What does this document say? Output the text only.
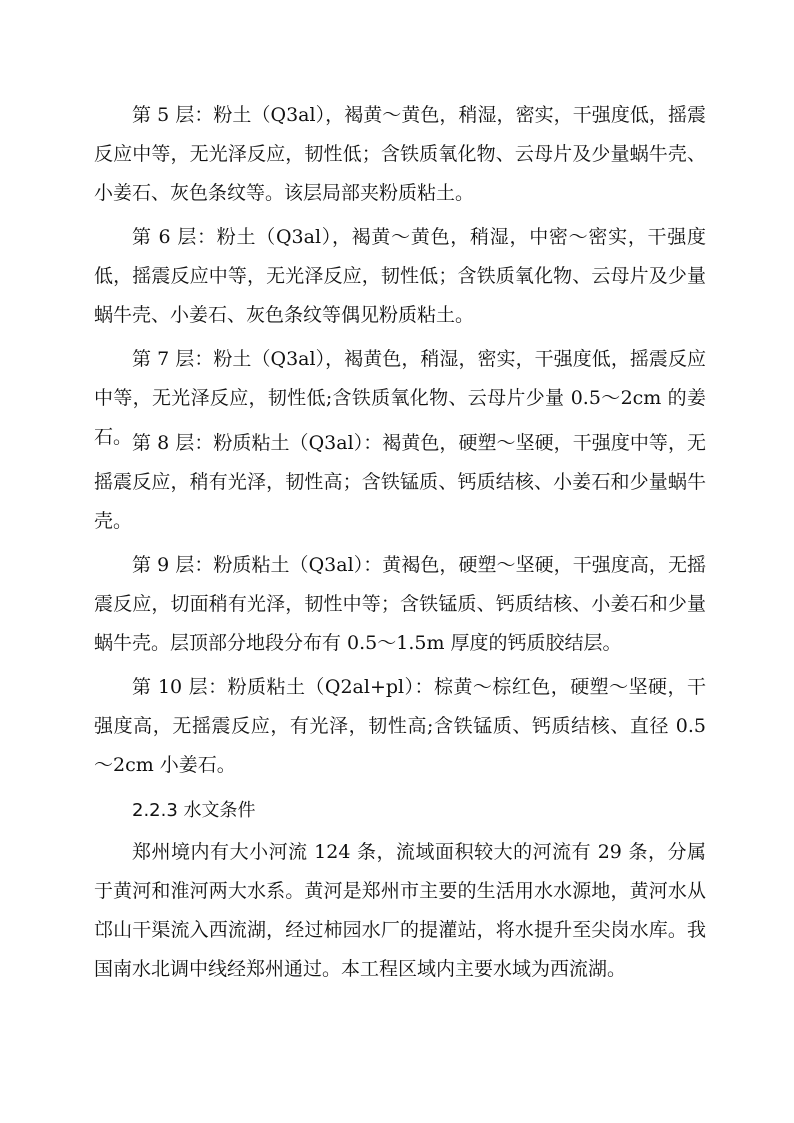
第 5 层：粉土（Q3al），褐黄～黄色，稍湿，密实，干强度低，摇震反应中等，无光泽反应，韧性低；含铁质氧化物、云母片及少量蜗牛壳、小姜石、灰色条纹等。该层局部夹粉质粘土。

第 6 层：粉土（Q3al），褐黄～黄色，稍湿，中密～密实，干强度低，摇震反应中等，无光泽反应，韧性低；含铁质氧化物、云母片及少量蜗牛壳、小姜石、灰色条纹等偶见粉质粘土。

第 7 层：粉土（Q3al），褐黄色，稍湿，密实，干强度低，摇震反应中等，无光泽反应，韧性低;含铁质氧化物、云母片少量 0.5～2cm 的姜石。 第 8 层：粉质粘土（Q3al）：褐黄色，硬塑～坚硬，干强度中等，无摇震反应，稍有光泽，韧性高；含铁锰质、钙质结核、小姜石和少量蜗牛壳。

第 9 层：粉质粘土（Q3al）：黄褐色，硬塑～坚硬，干强度高，无摇震反应，切面稍有光泽，韧性中等；含铁锰质、钙质结核、小姜石和少量蜗牛壳。层顶部分地段分布有 0.5～1.5m 厚度的钙质胶结层。

第 10 层：粉质粘土（Q2al+pl）：棕黄～棕红色，硬塑～坚硬，干强度高，无摇震反应，有光泽，韧性高;含铁锰质、钙质结核、直径 0.5～2cm 小姜石。

2.2.3 水文条件

郑州境内有大小河流 124 条，流域面积较大的河流有 29 条，分属于黄河和淮河两大水系。黄河是郑州市主要的生活用水水源地，黄河水从邙山干渠流入西流湖，经过柿园水厂的提灌站，将水提升至尖岗水库。我国南水北调中线经郑州通过。本工程区域内主要水域为西流湖。
